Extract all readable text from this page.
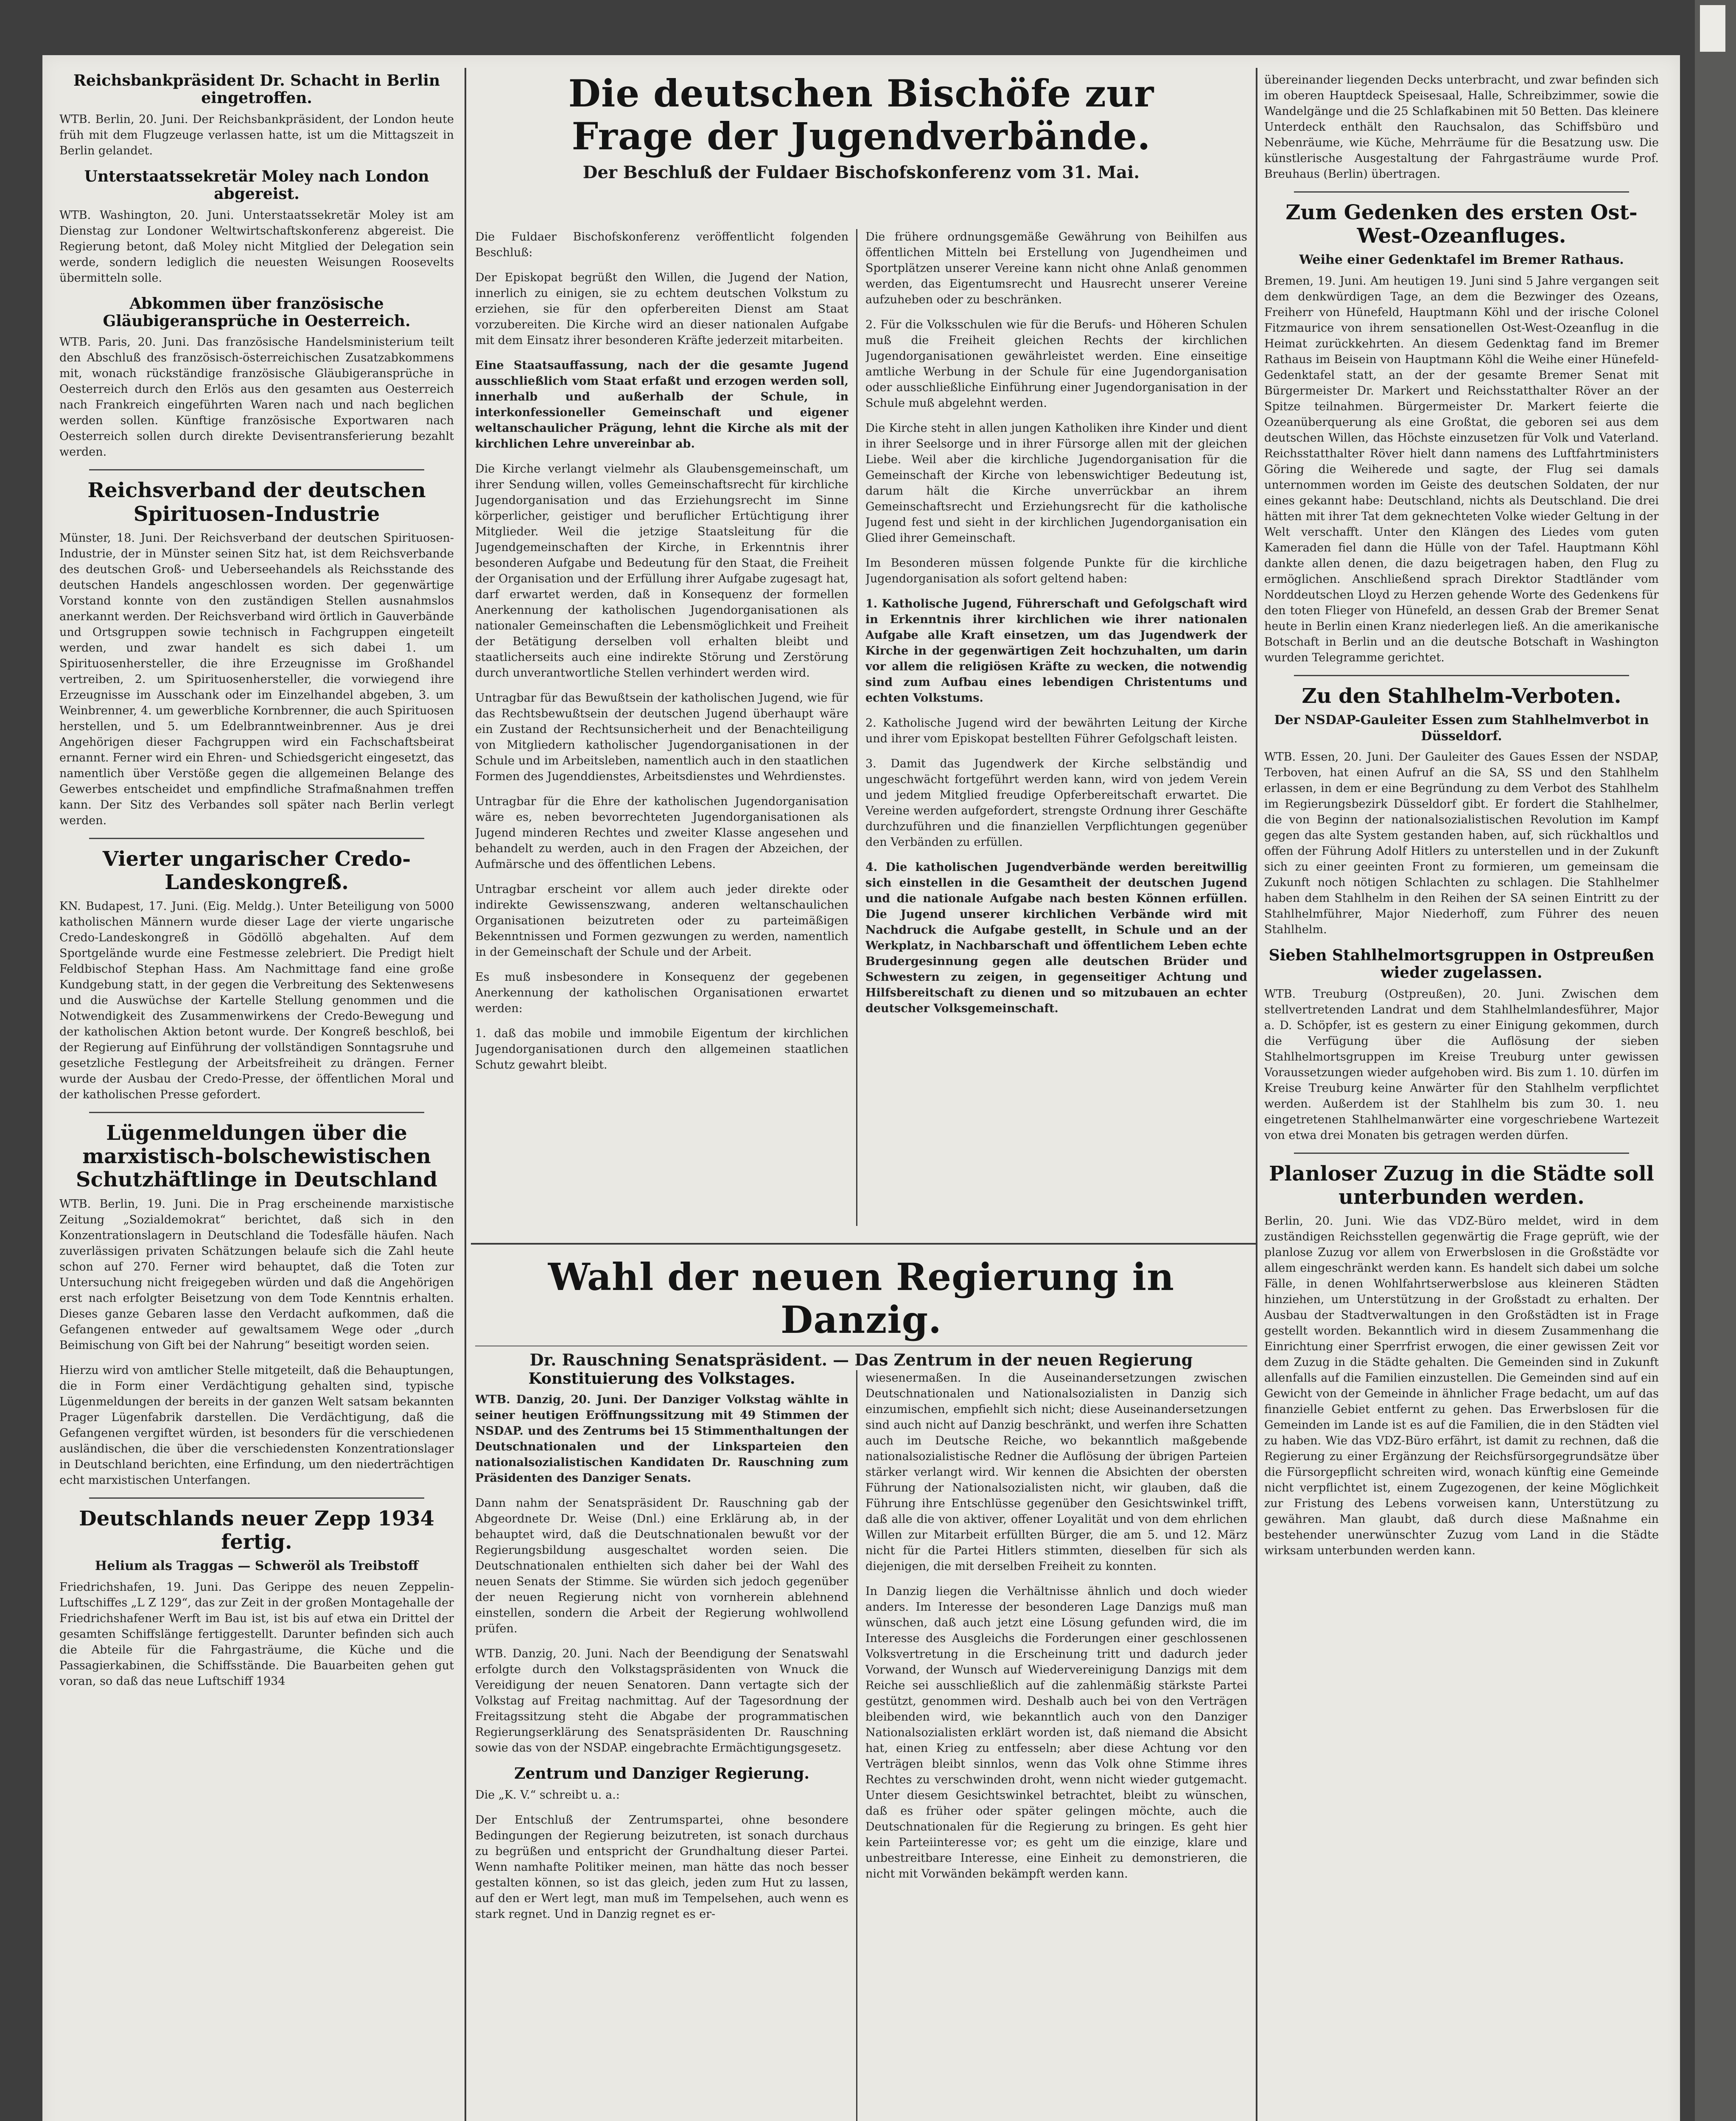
Reichsbankpräsident Dr. Schacht in Berlin eingetroffen.

WTB. Berlin, 20. Juni. Der Reichsbankpräsident, der London heute früh mit dem Flugzeuge verlassen hatte, ist um die Mittagszeit in Berlin gelandet.

Unterstaatssekretär Moley nach London abgereist.

WTB. Washington, 20. Juni. Unterstaatssekretär Moley ist am Dienstag zur Londoner Weltwirtschaftskonferenz abgereist. Die Regierung betont, daß Moley nicht Mitglied der Delegation sein werde, sondern lediglich die neuesten Weisungen Roosevelts übermitteln solle.

Abkommen über französische Gläubigeransprüche in Oesterreich.

WTB. Paris, 20. Juni. Das französische Handelsministerium teilt den Abschluß des französisch-österreichischen Zusatzabkommens mit, wonach rückständige französische Gläubigeransprüche in Oesterreich durch den Erlös aus den gesamten aus Oesterreich nach Frankreich eingeführten Waren nach und nach beglichen werden sollen. Künftige französische Exportwaren nach Oesterreich sollen durch direkte Devisentransferierung bezahlt werden.

Reichsverband der deutschen Spirituosen-Industrie

Münster, 18. Juni. Der Reichsverband der deutschen Spirituosen-Industrie, der in Münster seinen Sitz hat, ist dem Reichsverbande des deutschen Groß- und Ueberseehandels als Reichsstande des deutschen Handels angeschlossen worden. Der gegenwärtige Vorstand konnte von den zuständigen Stellen ausnahmslos anerkannt werden. Der Reichsverband wird örtlich in Gauverbände und Ortsgruppen sowie technisch in Fachgruppen eingeteilt werden, und zwar handelt es sich dabei 1. um Spirituosenhersteller, die ihre Erzeugnisse im Großhandel vertreiben, 2. um Spirituosenhersteller, die vorwiegend ihre Erzeugnisse im Ausschank oder im Einzelhandel abgeben, 3. um Weinbrenner, 4. um gewerbliche Kornbrenner, die auch Spirituosen herstellen, und 5. um Edelbranntweinbrenner. Aus je drei Angehörigen dieser Fachgruppen wird ein Fachschaftsbeirat ernannt. Ferner wird ein Ehren- und Schiedsgericht eingesetzt, das namentlich über Verstöße gegen die allgemeinen Belange des Gewerbes entscheidet und empfindliche Strafmaßnahmen treffen kann. Der Sitz des Verbandes soll später nach Berlin verlegt werden.

Vierter ungarischer Credo-Landeskongreß.

KN. Budapest, 17. Juni. (Eig. Meldg.). Unter Beteiligung von 5000 katholischen Männern wurde dieser Lage der vierte ungarische Credo-Landeskongreß in Gödöllö abgehalten. Auf dem Sportgelände wurde eine Festmesse zelebriert. Die Predigt hielt Feldbischof Stephan Hass. Am Nachmittage fand eine große Kundgebung statt, in der gegen die Verbreitung des Sektenwesens und die Auswüchse der Kartelle Stellung genommen und die Notwendigkeit des Zusammenwirkens der Credo-Bewegung und der katholischen Aktion betont wurde. Der Kongreß beschloß, bei der Regierung auf Einführung der vollständigen Sonntagsruhe und gesetzliche Festlegung der Arbeitsfreiheit zu drängen. Ferner wurde der Ausbau der Credo-Presse, der öffentlichen Moral und der katholischen Presse gefordert.

Lügenmeldungen über die marxistisch-bolschewistischen Schutzhäftlinge in Deutschland

WTB. Berlin, 19. Juni. Die in Prag erscheinende marxistische Zeitung „Sozialdemokrat“ berichtet, daß sich in den Konzentrationslagern in Deutschland die Todesfälle häufen. Nach zuverlässigen privaten Schätzungen belaufe sich die Zahl heute schon auf 270. Ferner wird behauptet, daß die Toten zur Untersuchung nicht freigegeben würden und daß die Angehörigen erst nach erfolgter Beisetzung von dem Tode Kenntnis erhalten. Dieses ganze Gebaren lasse den Verdacht aufkommen, daß die Gefangenen entweder auf gewaltsamem Wege oder „durch Beimischung von Gift bei der Nahrung“ beseitigt worden seien.

Hierzu wird von amtlicher Stelle mitgeteilt, daß die Behauptungen, die in Form einer Verdächtigung gehalten sind, typische Lügenmeldungen der bereits in der ganzen Welt satsam bekannten Prager Lügenfabrik darstellen. Die Verdächtigung, daß die Gefangenen vergiftet würden, ist besonders für die verschiedenen ausländischen, die über die verschiedensten Konzentrationslager in Deutschland berichten, eine Erfindung, um den niederträchtigen echt marxistischen Unterfangen.

Deutschlands neuer Zepp 1934 fertig.
Helium als Traggas — Schweröl als Treibstoff

Friedrichshafen, 19. Juni. Das Gerippe des neuen Zeppelin-Luftschiffes „L Z 129“, das zur Zeit in der großen Montagehalle der Friedrichshafener Werft im Bau ist, ist bis auf etwa ein Drittel der gesamten Schiffslänge fertiggestellt. Darunter befinden sich auch die Abteile für die Fahrgasträume, die Küche und die Passagierkabinen, die Schiffsstände. Die Bauarbeiten gehen gut voran, so daß das neue Luftschiff 1934

Die deutschen Bischöfe zur Frage der Jugendverbände.
Der Beschluß der Fuldaer Bischofskonferenz vom 31. Mai.

Die Fuldaer Bischofskonferenz veröffentlicht folgenden Beschluß:

Der Episkopat begrüßt den Willen, die Jugend der Nation, innerlich zu einigen, sie zu echtem deutschen Volkstum zu erziehen, sie für den opferbereiten Dienst am Staat vorzubereiten. Die Kirche wird an dieser nationalen Aufgabe mit dem Einsatz ihrer besonderen Kräfte jederzeit mitarbeiten.

Eine Staatsauffassung, nach der die gesamte Jugend ausschließlich vom Staat erfaßt und erzogen werden soll, innerhalb und außerhalb der Schule, in interkonfessioneller Gemeinschaft und eigener weltanschaulicher Prägung, lehnt die Kirche als mit der kirchlichen Lehre unvereinbar ab.

Die Kirche verlangt vielmehr als Glaubensgemeinschaft, um ihrer Sendung willen, volles Gemeinschaftsrecht für kirchliche Jugendorganisation und das Erziehungsrecht im Sinne körperlicher, geistiger und beruflicher Ertüchtigung ihrer Mitglieder. Weil die jetzige Staatsleitung für die Jugendgemeinschaften der Kirche, in Erkenntnis ihrer besonderen Aufgabe und Bedeutung für den Staat, die Freiheit der Organisation und der Erfüllung ihrer Aufgabe zugesagt hat, darf erwartet werden, daß in Konsequenz der formellen Anerkennung der katholischen Jugendorganisationen als nationaler Gemeinschaften die Lebensmöglichkeit und Freiheit der Betätigung derselben voll erhalten bleibt und staatlicherseits auch eine indirekte Störung und Zerstörung durch unverantwortliche Stellen verhindert werden wird.

Untragbar für das Bewußtsein der katholischen Jugend, wie für das Rechtsbewußtsein der deutschen Jugend überhaupt wäre ein Zustand der Rechtsunsicherheit und der Benachteiligung von Mitgliedern katholischer Jugendorganisationen in der Schule und im Arbeitsleben, namentlich auch in den staatlichen Formen des Jugenddienstes, Arbeitsdienstes und Wehrdienstes.

Untragbar für die Ehre der katholischen Jugendorganisation wäre es, neben bevorrechteten Jugendorganisationen als Jugend minderen Rechtes und zweiter Klasse angesehen und behandelt zu werden, auch in den Fragen der Abzeichen, der Aufmärsche und des öffentlichen Lebens.

Untragbar erscheint vor allem auch jeder direkte oder indirekte Gewissenszwang, anderen weltanschaulichen Organisationen beizutreten oder zu parteimäßigen Bekenntnissen und Formen gezwungen zu werden, namentlich in der Gemeinschaft der Schule und der Arbeit.

Es muß insbesondere in Konsequenz der gegebenen Anerkennung der katholischen Organisationen erwartet werden:

1. daß das mobile und immobile Eigentum der kirchlichen Jugendorganisationen durch den allgemeinen staatlichen Schutz gewahrt bleibt.

Die frühere ordnungsgemäße Gewährung von Beihilfen aus öffentlichen Mitteln bei Erstellung von Jugendheimen und Sportplätzen unserer Vereine kann nicht ohne Anlaß genommen werden, das Eigentumsrecht und Hausrecht unserer Vereine aufzuheben oder zu beschränken.

2. Für die Volksschulen wie für die Berufs- und Höheren Schulen muß die Freiheit gleichen Rechts der kirchlichen Jugendorganisationen gewährleistet werden. Eine einseitige amtliche Werbung in der Schule für eine Jugendorganisation oder ausschließliche Einführung einer Jugendorganisation in der Schule muß abgelehnt werden.

Die Kirche steht in allen jungen Katholiken ihre Kinder und dient in ihrer Seelsorge und in ihrer Fürsorge allen mit der gleichen Liebe. Weil aber die kirchliche Jugendorganisation für die Gemeinschaft der Kirche von lebenswichtiger Bedeutung ist, darum hält die Kirche unverrückbar an ihrem Gemeinschaftsrecht und Erziehungsrecht für die katholische Jugend fest und sieht in der kirchlichen Jugendorganisation ein Glied ihrer Gemeinschaft.

Im Besonderen müssen folgende Punkte für die kirchliche Jugendorganisation als sofort geltend haben:

1. Katholische Jugend, Führerschaft und Gefolgschaft wird in Erkenntnis ihrer kirchlichen wie ihrer nationalen Aufgabe alle Kraft einsetzen, um das Jugendwerk der Kirche in der gegenwärtigen Zeit hochzuhalten, um darin vor allem die religiösen Kräfte zu wecken, die notwendig sind zum Aufbau eines lebendigen Christentums und echten Volkstums.

2. Katholische Jugend wird der bewährten Leitung der Kirche und ihrer vom Episkopat bestellten Führer Gefolgschaft leisten.

3. Damit das Jugendwerk der Kirche selbständig und ungeschwächt fortgeführt werden kann, wird von jedem Verein und jedem Mitglied freudige Opferbereitschaft erwartet. Die Vereine werden aufgefordert, strengste Ordnung ihrer Geschäfte durchzuführen und die finanziellen Verpflichtungen gegenüber den Verbänden zu erfüllen.

4. Die katholischen Jugendverbände werden bereitwillig sich einstellen in die Gesamtheit der deutschen Jugend und die nationale Aufgabe nach besten Können erfüllen. Die Jugend unserer kirchlichen Verbände wird mit Nachdruck die Aufgabe gestellt, in Schule und an der Werkplatz, in Nachbarschaft und öffentlichem Leben echte Brudergesinnung gegen alle deutschen Brüder und Schwestern zu zeigen, in gegenseitiger Achtung und Hilfsbereitschaft zu dienen und so mitzubauen an echter deutscher Volksgemeinschaft.

Wahl der neuen Regierung in Danzig.
Dr. Rauschning Senatspräsident. — Das Zentrum in der neuen Regierung
Konstituierung des Volkstages.

WTB. Danzig, 20. Juni. Der Danziger Volkstag wählte in seiner heutigen Eröffnungssitzung mit 49 Stimmen der NSDAP. und des Zentrums bei 15 Stimmenthaltungen der Deutschnationalen und der Linksparteien den nationalsozialistischen Kandidaten Dr. Rauschning zum Präsidenten des Danziger Senats.

Dann nahm der Senatspräsident Dr. Rauschning gab der Abgeordnete Dr. Weise (Dnl.) eine Erklärung ab, in der behauptet wird, daß die Deutschnationalen bewußt vor der Regierungsbildung ausgeschaltet worden seien. Die Deutschnationalen enthielten sich daher bei der Wahl des neuen Senats der Stimme. Sie würden sich jedoch gegenüber der neuen Regierung nicht von vornherein ablehnend einstellen, sondern die Arbeit der Regierung wohlwollend prüfen.

WTB. Danzig, 20. Juni. Nach der Beendigung der Senatswahl erfolgte durch den Volkstagspräsidenten von Wnuck die Vereidigung der neuen Senatoren. Dann vertagte sich der Volkstag auf Freitag nachmittag. Auf der Tagesordnung der Freitagssitzung steht die Abgabe der programmatischen Regierungserklärung des Senatspräsidenten Dr. Rauschning sowie das von der NSDAP. eingebrachte Ermächtigungsgesetz.

Zentrum und Danziger Regierung.

Die „K. V.“ schreibt u. a.:

Der Entschluß der Zentrumspartei, ohne besondere Bedingungen der Regierung beizutreten, ist sonach durchaus zu begrüßen und entspricht der Grundhaltung dieser Partei. Wenn namhafte Politiker meinen, man hätte das noch besser gestalten können, so ist das gleich, jeden zum Hut zu lassen, auf den er Wert legt, man muß im Tempelsehen, auch wenn es stark regnet. Und in Danzig regnet es er-

wiesenermaßen. In die Auseinandersetzungen zwischen Deutschnationalen und Nationalsozialisten in Danzig sich einzumischen, empfiehlt sich nicht; diese Auseinandersetzungen sind auch nicht auf Danzig beschränkt, und werfen ihre Schatten auch im Deutsche Reiche, wo bekanntlich maßgebende nationalsozialistische Redner die Auflösung der übrigen Parteien stärker verlangt wird. Wir kennen die Absichten der obersten Führung der Nationalsozialisten nicht, wir glauben, daß die Führung ihre Entschlüsse gegenüber den Gesichtswinkel trifft, daß alle die von aktiver, offener Loyalität und von dem ehrlichen Willen zur Mitarbeit erfüllten Bürger, die am 5. und 12. März nicht für die Partei Hitlers stimmten, dieselben für sich als diejenigen, die mit derselben Freiheit zu konnten.

In Danzig liegen die Verhältnisse ähnlich und doch wieder anders. Im Interesse der besonderen Lage Danzigs muß man wünschen, daß auch jetzt eine Lösung gefunden wird, die im Interesse des Ausgleichs die Forderungen einer geschlossenen Volksvertretung in die Erscheinung tritt und dadurch jeder Vorwand, der Wunsch auf Wiedervereinigung Danzigs mit dem Reiche sei ausschließlich auf die zahlenmäßig stärkste Partei gestützt, genommen wird. Deshalb auch bei von den Verträgen bleibenden wird, wie bekanntlich auch von den Danziger Nationalsozialisten erklärt worden ist, daß niemand die Absicht hat, einen Krieg zu entfesseln; aber diese Achtung vor den Verträgen bleibt sinnlos, wenn das Volk ohne Stimme ihres Rechtes zu verschwinden droht, wenn nicht wieder gutgemacht. Unter diesem Gesichtswinkel betrachtet, bleibt zu wünschen, daß es früher oder später gelingen möchte, auch die Deutschnationalen für die Regierung zu bringen. Es geht hier kein Parteiinteresse vor; es geht um die einzige, klare und unbestreitbare Interesse, eine Einheit zu demonstrieren, die nicht mit Vorwänden bekämpft werden kann.

übereinander liegenden Decks unterbracht, und zwar befinden sich im oberen Hauptdeck Speisesaal, Halle, Schreibzimmer, sowie die Wandelgänge und die 25 Schlafkabinen mit 50 Betten. Das kleinere Unterdeck enthält den Rauchsalon, das Schiffsbüro und Nebenräume, wie Küche, Mehrräume für die Besatzung usw. Die künstlerische Ausgestaltung der Fahrgasträume wurde Prof. Breuhaus (Berlin) übertragen.

Zum Gedenken des ersten Ost-West-Ozeanfluges.
Weihe einer Gedenktafel im Bremer Rathaus.

Bremen, 19. Juni. Am heutigen 19. Juni sind 5 Jahre vergangen seit dem denkwürdigen Tage, an dem die Bezwinger des Ozeans, Freiherr von Hünefeld, Hauptmann Köhl und der irische Colonel Fitzmaurice von ihrem sensationellen Ost-West-Ozeanflug in die Heimat zurückkehrten. An diesem Gedenktag fand im Bremer Rathaus im Beisein von Hauptmann Köhl die Weihe einer Hünefeld-Gedenktafel statt, an der der gesamte Bremer Senat mit Bürgermeister Dr. Markert und Reichsstatthalter Röver an der Spitze teilnahmen. Bürgermeister Dr. Markert feierte die Ozeanüberquerung als eine Großtat, die geboren sei aus dem deutschen Willen, das Höchste einzusetzen für Volk und Vaterland. Reichsstatthalter Röver hielt dann namens des Luftfahrtministers Göring die Weiherede und sagte, der Flug sei damals unternommen worden im Geiste des deutschen Soldaten, der nur eines gekannt habe: Deutschland, nichts als Deutschland. Die drei hätten mit ihrer Tat dem geknechteten Volke wieder Geltung in der Welt verschafft. Unter den Klängen des Liedes vom guten Kameraden fiel dann die Hülle von der Tafel. Hauptmann Köhl dankte allen denen, die dazu beigetragen haben, den Flug zu ermöglichen. Anschließend sprach Direktor Stadtländer vom Norddeutschen Lloyd zu Herzen gehende Worte des Gedenkens für den toten Flieger von Hünefeld, an dessen Grab der Bremer Senat heute in Berlin einen Kranz niederlegen ließ. An die amerikanische Botschaft in Berlin und an die deutsche Botschaft in Washington wurden Telegramme gerichtet.

Zu den Stahlhelm-Verboten.
Der NSDAP-Gauleiter Essen zum Stahlhelmverbot in Düsseldorf.

WTB. Essen, 20. Juni. Der Gauleiter des Gaues Essen der NSDAP, Terboven, hat einen Aufruf an die SA, SS und den Stahlhelm erlassen, in dem er eine Begründung zu dem Verbot des Stahlhelm im Regierungsbezirk Düsseldorf gibt. Er fordert die Stahlhelmer, die von Beginn der nationalsozialistischen Revolution im Kampf gegen das alte System gestanden haben, auf, sich rückhaltlos und offen der Führung Adolf Hitlers zu unterstellen und in der Zukunft sich zu einer geeinten Front zu formieren, um gemeinsam die Zukunft noch nötigen Schlachten zu schlagen. Die Stahlhelmer haben dem Stahlhelm in den Reihen der SA seinen Eintritt zu der Stahlhelmführer, Major Niederhoff, zum Führer des neuen Stahlhelm.

Sieben Stahlhelmortsgruppen in Ostpreußen wieder zugelassen.

WTB. Treuburg (Ostpreußen), 20. Juni. Zwischen dem stellvertretenden Landrat und dem Stahlhelmlandesführer, Major a. D. Schöpfer, ist es gestern zu einer Einigung gekommen, durch die Verfügung über die Auflösung der sieben Stahlhelmortsgruppen im Kreise Treuburg unter gewissen Voraussetzungen wieder aufgehoben wird. Bis zum 1. 10. dürfen im Kreise Treuburg keine Anwärter für den Stahlhelm verpflichtet werden. Außerdem ist der Stahlhelm bis zum 30. 1. neu eingetretenen Stahlhelmanwärter eine vorgeschriebene Wartezeit von etwa drei Monaten bis getragen werden dürfen.

Planloser Zuzug in die Städte soll unterbunden werden.

Berlin, 20. Juni. Wie das VDZ-Büro meldet, wird in dem zuständigen Reichsstellen gegenwärtig die Frage geprüft, wie der planlose Zuzug vor allem von Erwerbslosen in die Großstädte vor allem eingeschränkt werden kann. Es handelt sich dabei um solche Fälle, in denen Wohlfahrtserwerbslose aus kleineren Städten hinziehen, um Unterstützung in der Großstadt zu erhalten. Der Ausbau der Stadtverwaltungen in den Großstädten ist in Frage gestellt worden. Bekanntlich wird in diesem Zusammenhang die Einrichtung einer Sperrfrist erwogen, die einer gewissen Zeit vor dem Zuzug in die Städte gehalten. Die Gemeinden sind in Zukunft allenfalls auf die Familien einzustellen. Die Gemeinden sind auf ein Gewicht von der Gemeinde in ähnlicher Frage bedacht, um auf das finanzielle Gebiet entfernt zu gehen. Das Erwerbslosen für die Gemeinden im Lande ist es auf die Familien, die in den Städten viel zu haben. Wie das VDZ-Büro erfährt, ist damit zu rechnen, daß die Regierung zu einer Ergänzung der Reichsfürsorgegrundsätze über die Fürsorgepflicht schreiten wird, wonach künftig eine Gemeinde nicht verpflichtet ist, einem Zugezogenen, der keine Möglichkeit zur Fristung des Lebens vorweisen kann, Unterstützung zu gewähren. Man glaubt, daß durch diese Maßnahme ein bestehender unerwünschter Zuzug vom Land in die Städte wirksam unterbunden werden kann.
